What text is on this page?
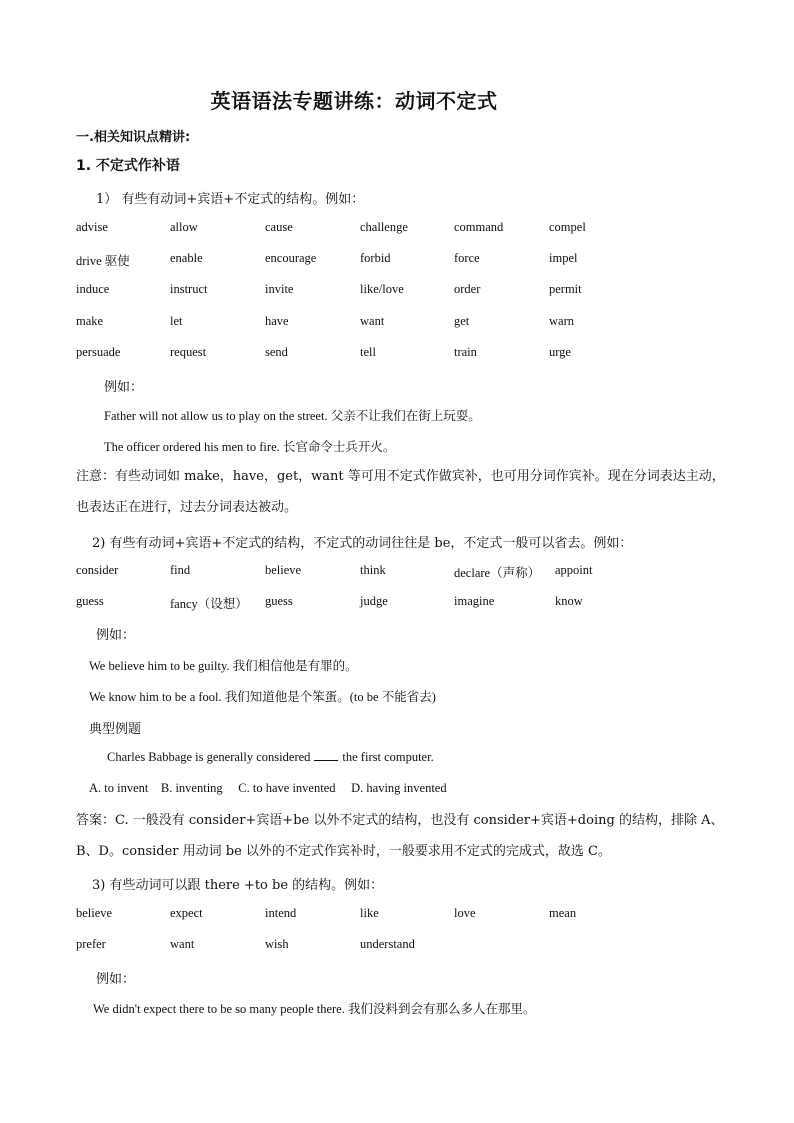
英语语法专题讲练：动词不定式
一.相关知识点精讲:
1. 不定式作补语
1） 有些有动词+宾语+不定式的结构。例如：
advise	allow	cause	challenge	command	compel
drive 驱使	enable	encourage	forbid	force	impel
induce	instruct	invite	like/love	order	permit
make	let	have	want	get	warn
persuade	request	send	tell	train	urge
例如：
Father will not allow us to play on the street. 父亲不让我们在街上玩耍。
The officer ordered his men to fire. 长官命令士兵开火。
注意：有些动词如 make，have，get，want 等可用不定式作做宾补，也可用分词作宾补。现在分词表达主动，也表达正在进行，过去分词表达被动。
2) 有些有动词+宾语+不定式的结构，不定式的动词往往是 be，不定式一般可以省去。例如：
consider	find	believe	think	declare（声称） appoint
guess	fancy（设想） guess	judge	imagine	know
例如：
We believe him to be guilty. 我们相信他是有罪的。
We know him to be a fool. 我们知道他是个笨蛋。(to be 不能省去)
典型例题
Charles Babbage is generally considered	the first computer.
A. to invent    B. inventing     C. to have invented     D. having invented
答案：C. 一般没有 consider+宾语+be 以外不定式的结构，也没有 consider+宾语+doing 的结构，排除 A、B、D。consider 用动词 be 以外的不定式作宾补时，一般要求用不定式的完成式，故选 C。
3) 有些动词可以跟 there +to be 的结构。例如：
believe	expect	intend	like	love	mean
prefer	want	wish	understand
例如：
We didn't expect there to be so many people there. 我们没料到会有那么多人在那里。
